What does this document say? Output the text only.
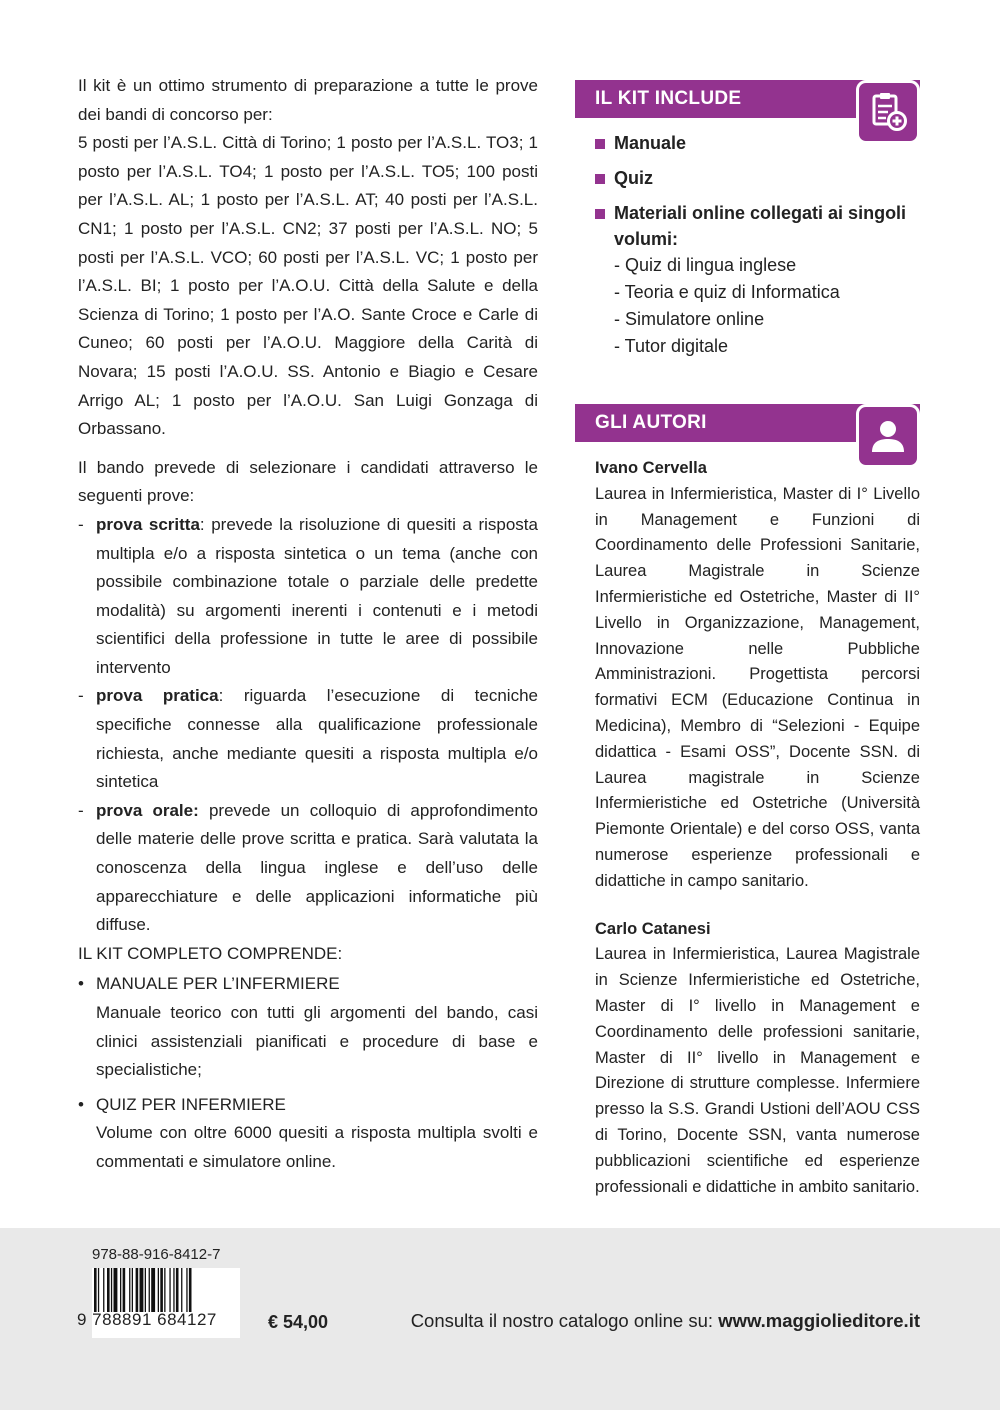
Il kit è un ottimo strumento di preparazione a tutte le prove dei bandi di concorso per:

5 posti per l’A.S.L. Città di Torino; 1 posto per l’A.S.L. TO3; 1 posto per l’A.S.L. TO4; 1 posto per l’A.S.L. TO5; 100 posti per l’A.S.L. AL; 1 posto per l’A.S.L. AT; 40 posti per l’A.S.L. CN1; 1 posto per l’A.S.L. CN2; 37 posti per l’A.S.L. NO; 5 posti per l’A.S.L. VCO; 60 posti per l’A.S.L. VC; 1 posto per l’A.S.L. BI; 1 posto per l’A.O.U. Città della Salute e della Scienza di Torino; 1 posto per l’A.O. Sante Croce e Carle di Cuneo; 60 posti per l’A.O.U. Maggiore della Carità di Novara; 15 posti l’A.O.U. SS. Antonio e Biagio e Cesare Arrigo AL; 1 posto per l’A.O.U. San Luigi Gonzaga di Orbassano.

Il bando prevede di selezionare i candidati attraverso le seguenti prove:

- prova scritta: prevede la risoluzione di quesiti a risposta multipla e/o a risposta sintetica o un tema (anche con possibile combinazione totale o parziale delle predette modalità) su argomenti inerenti i contenuti e i metodi scientifici della professione in tutte le aree di possibile intervento
- prova pratica: riguarda l’esecuzione di tecniche specifiche connesse alla qualificazione professionale richiesta, anche mediante quesiti a risposta multipla e/o sintetica
- prova orale: prevede un colloquio di approfondimento delle materie delle prove scritta e pratica. Sarà valutata la conoscenza della lingua inglese e dell’uso delle apparecchiature e delle applicazioni informatiche più diffuse.

IL KIT COMPLETO COMPRENDE:

• MANUALE PER L’INFERMIERE
Manuale teorico con tutti gli argomenti del bando, casi clinici assistenziali pianificati e procedure di base e specialistiche;
• QUIZ PER INFERMIERE
Volume con oltre 6000 quesiti a risposta multipla svolti e commentati e simulatore online.
IL KIT INCLUDE
Manuale
Quiz
Materiali online collegati ai singoli volumi:
- Quiz di lingua inglese
- Teoria e quiz di Informatica
- Simulatore online
- Tutor digitale
GLI AUTORI
Ivano Cervella
Laurea in Infermieristica, Master di I° Livello in Management e Funzioni di Coordinamento delle Professioni Sanitarie, Laurea Magistrale in Scienze Infermieristiche ed Ostetriche, Master di II° Livello in Organizzazione, Management, Innovazione nelle Pubbliche Amministrazioni. Progettista percorsi formativi ECM (Educazione Continua in Medicina), Membro di “Selezioni - Equipe didattica - Esami OSS”, Docente SSN. di Laurea magistrale in Scienze Infermieristiche ed Ostetriche (Università Piemonte Orientale) e del corso OSS, vanta numerose esperienze professionali e didattiche in campo sanitario.
Carlo Catanesi
Laurea in Infermieristica, Laurea Magistrale in Scienze Infermieristiche ed Ostetriche, Master di I° livello in Management e Coordinamento delle professioni sanitarie, Master di II° livello in Management e Direzione di strutture complesse. Infermiere presso la S.S. Grandi Ustioni dell’AOU CSS di Torino, Docente SSN, vanta numerose pubblicazioni scientifiche ed esperienze professionali e didattiche in ambito sanitario.
978-88-916-8412-7
9 788891 684127	€ 54,00	Consulta il nostro catalogo online su: www.maggiolieditore.it
